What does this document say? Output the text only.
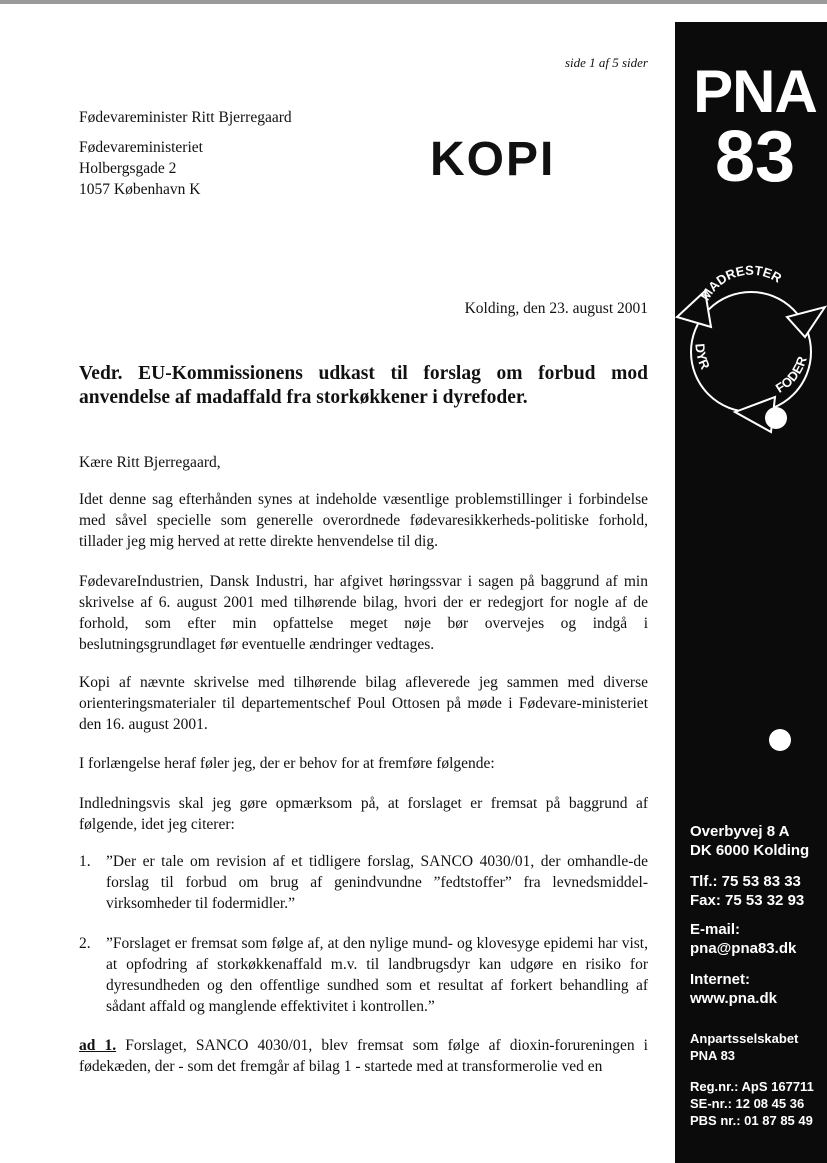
side 1 af 5 sider
Fødevareminister Ritt Bjerregaard
Fødevareministeriet
Holbergsgade 2
1057 København K
KOPI
Kolding, den 23. august 2001
Vedr. EU-Kommissionens udkast til forslag om forbud mod anvendelse af madaffald fra storkøkkener i dyrefoder.
Kære Ritt Bjerregaard,
Idet denne sag efterhånden synes at indeholde væsentlige problemstillinger i forbindelse med såvel specielle som generelle overordnede fødevaresikkerheds-politiske forhold, tillader jeg mig herved at rette direkte henvendelse til dig.
FødevareIndustrien, Dansk Industri, har afgivet høringssvar i sagen på baggrund af min skrivelse af 6. august 2001 med tilhørende bilag, hvori der er redegjort for nogle af de forhold, som efter min opfattelse meget nøje bør overvejes og indgå i beslutningsgrundlaget før eventuelle ændringer vedtages.
Kopi af nævnte skrivelse med tilhørende bilag afleverede jeg sammen med diverse orienteringsmaterialer til departementschef Poul Ottosen på møde i Fødevare-ministeriet den 16. august 2001.
I forlængelse heraf føler jeg, der er behov for at fremføre følgende:
Indledningsvis skal jeg gøre opmærksom på, at forslaget er fremsat på baggrund af følgende, idet jeg citerer:
1. ”Der er tale om revision af et tidligere forslag, SANCO 4030/01, der omhandle-de forslag til forbud om brug af genindvundne ”fedtstoffer” fra levnedsmiddel-virksomheder til fodermidler.”
2. ”Forslaget er fremsat som følge af, at den nylige mund- og klovesyge epidemi har vist, at opfodring af storkøkkenaffald m.v. til landbrugsdyr kan udgøre en risiko for dyresundheden og den offentlige sundhed som et resultat af forkert behandling af sådant affald og manglende effektivitet i kontrollen.”
ad 1. Forslaget, SANCO 4030/01, blev fremsat som følge af dioxin-forureningen i fødekæden, der - som det fremgår af bilag 1 - startede med at transformerolie ved en
PNA
83
MADRESTER
DYR
FODER
Overbyvej 8 A
DK 6000 Kolding
Tlf.: 75 53 83 33
Fax: 75 53 32 93
E-mail:
pna@pna83.dk
Internet:
www.pna.dk
Anpartsselskabet
PNA 83
Reg.nr.: ApS 167711
SE-nr.: 12 08 45 36
PBS nr.: 01 87 85 49
